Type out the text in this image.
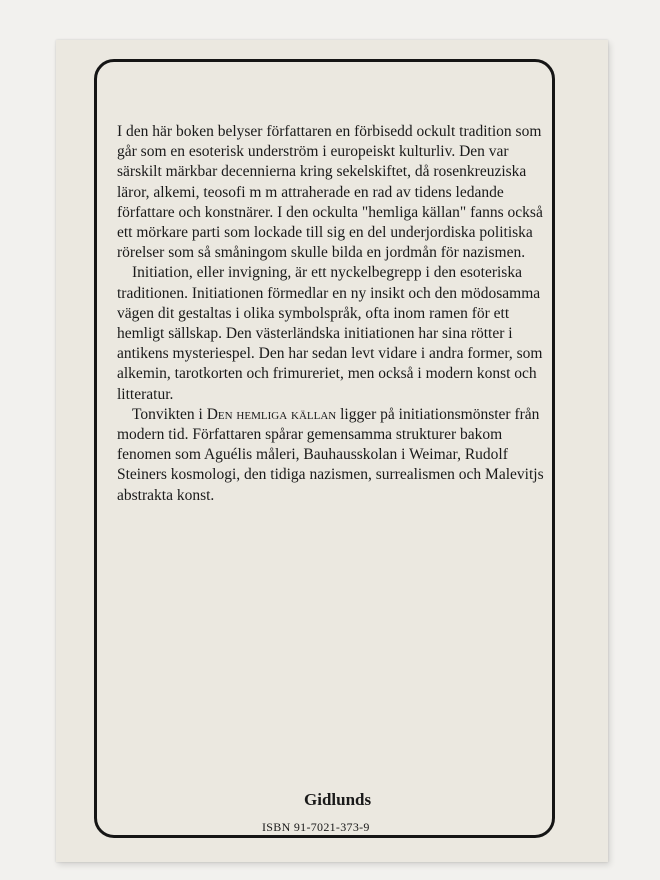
I den här boken belyser författaren en förbisedd ockult tradition som går som en esoterisk underström i europeiskt kulturliv. Den var särskilt märkbar decennierna kring sekelskiftet, då rosenkreuziska läror, alkemi, teosofi m m attraherade en rad av tidens ledande författare och konstnärer. I den ockulta "hemliga källan" fanns också ett mörkare parti som lockade till sig en del underjordiska politiska rörelser som så småningom skulle bilda en jordmån för nazismen.

Initiation, eller invigning, är ett nyckelbegrepp i den esoteriska traditionen. Initiationen förmedlar en ny insikt och den mödosamma vägen dit gestaltas i olika symbolspråk, ofta inom ramen för ett hemligt sällskap. Den västerländska initiationen har sina rötter i antikens mysteriespel. Den har sedan levt vidare i andra former, som alkemin, tarotkorten och frimureriet, men också i modern konst och litteratur.

Tonvikten i Den hemliga källan ligger på initiationsmönster från modern tid. Författaren spårar gemensamma strukturer bakom fenomen som Aguélis måleri, Bauhausskolan i Weimar, Rudolf Steiners kosmologi, den tidiga nazismen, surrealismen och Malevitjs abstrakta konst.

Gidlunds
ISBN 91-7021-373-9
